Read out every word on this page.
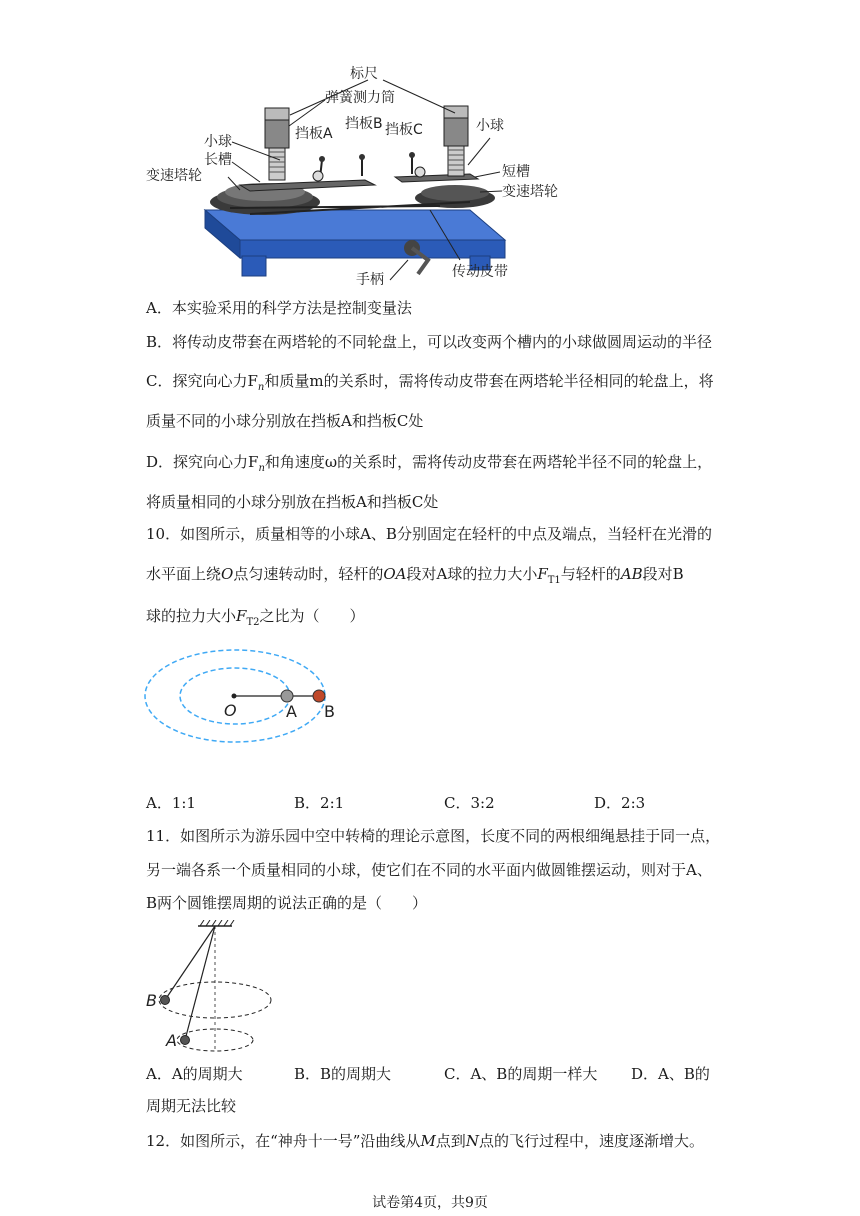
标尺
弹簧测力筒
挡板A
挡板B 挡板C
小球
长槽
变速塔轮
小球
短槽
变速塔轮
传动皮带
手柄
A．本实验采用的科学方法是控制变量法
B．将传动皮带套在两塔轮的不同轮盘上，可以改变两个槽内的小球做圆周运动的半径
C．探究向心力$F_n$和质量m的关系时，需将传动皮带套在两塔轮半径相同的轮盘上，将
质量不同的小球分别放在挡板A和挡板C处
D．探究向心力$F_n$和角速度ω的关系时，需将传动皮带套在两塔轮半径不同的轮盘上，
将质量相同的小球分别放在挡板A和挡板C处
10．如图所示，质量相等的小球A、B分别固定在轻杆的中点及端点，当轻杆在光滑的
水平面上绕O点匀速转动时，轻杆的OA段对A球的拉力大小$F_{T1}$与轻杆的AB段对B
球的拉力大小$F_{T2}$之比为（　　）
O	A B
A．1:1	B．2:1	C．3:2	D．2:3
11．如图所示为游乐园中空中转椅的理论示意图，长度不同的两根细绳悬挂于同一点，
另一端各系一个质量相同的小球，使它们在不同的水平面内做圆锥摆运动，则对于A、
B两个圆锥摆周期的说法正确的是（　　）
B
A
A．A的周期大	B．B的周期大	C．A、B的周期一样大 D．A、B的
周期无法比较
12．如图所示，在“神舟十一号”沿曲线从M点到N点的飞行过程中，速度逐渐增大。
试卷第4页，共9页
